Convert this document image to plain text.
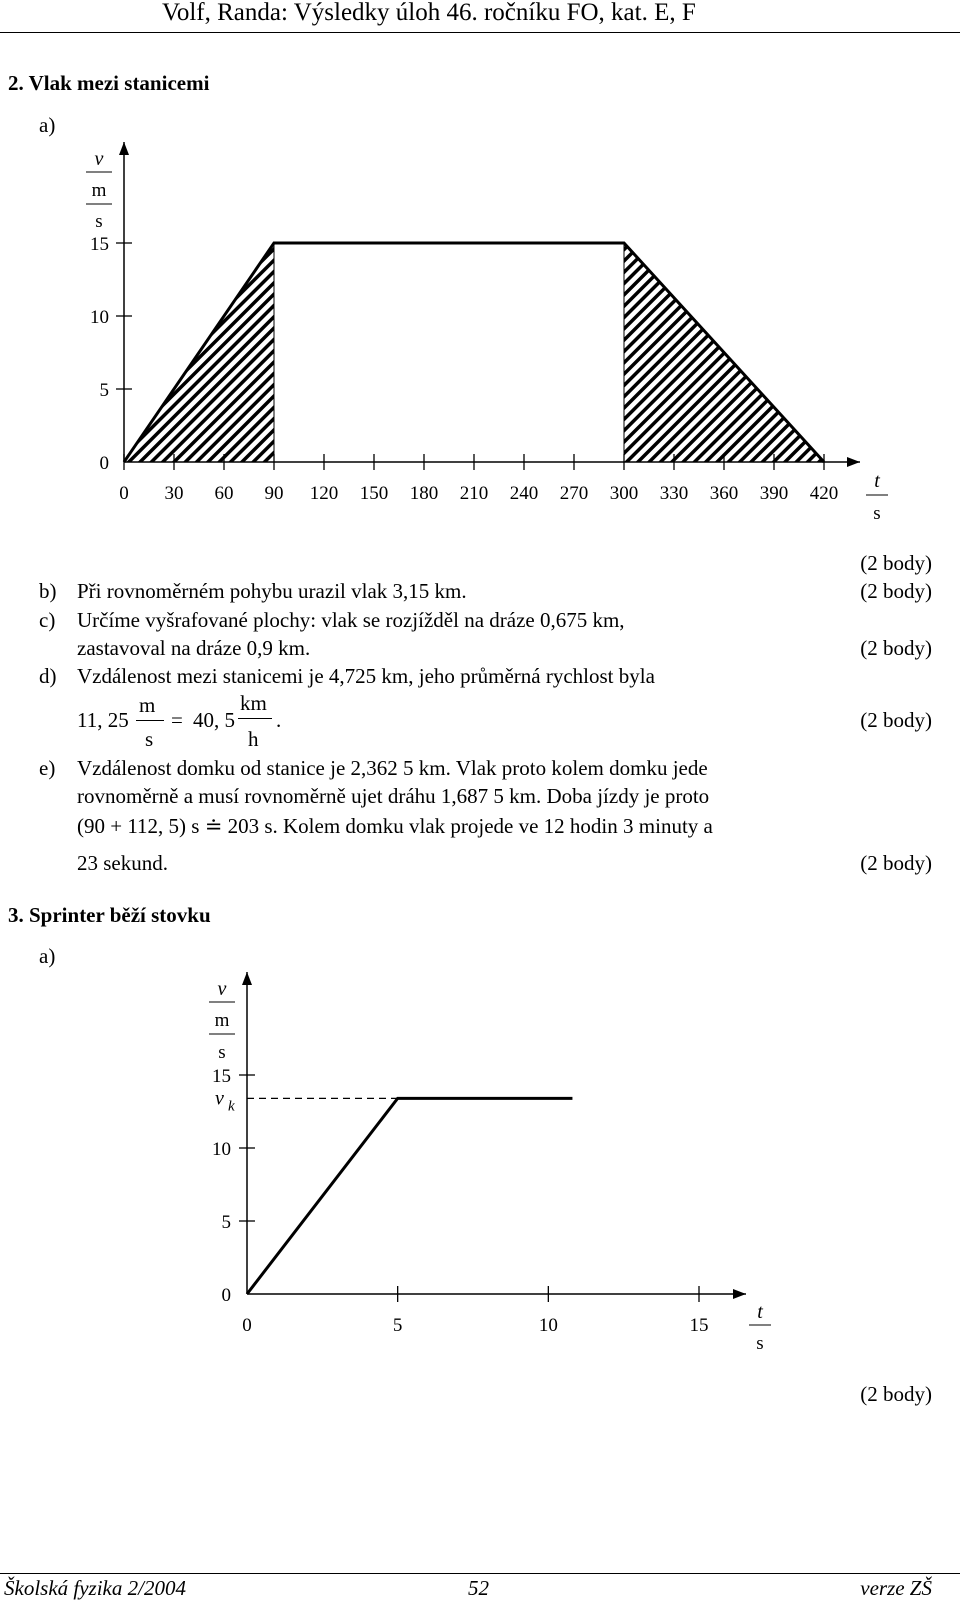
Volf, Randa: Výsledky úloh 46. ročníku FO, kat. E, F
2. Vlak mezi stanicemi
a)
0 30 60 90 120 150 180 210 240 270 300 330 360 390 420
0
5
10
15
v
m
s
t
s
0	5	10	15
0
5
10
15
v k
v
m
s
t
s
(2 body)
b) Při rovnoměrném pohybu urazil vlak 3,15 km.	(2 body)
c) Určíme vyšrafované plochy: vlak se rozjížděl na dráze 0,675 km,
zastavoval na dráze 0,9 km.	(2 body)
d) Vzdálenost mezi stanicemi je 4,725 km, jeho průměrná rychlost byla
11, 25
m
s
= 40, 5
km
h
.	(2 body)
e) Vzdálenost domku od stanice je 2,362 5 km. Vlak proto kolem domku jede
rovnoměrně a musí rovnoměrně ujet dráhu 1,687 5 km. Doba jízdy je proto
(90 + 112, 5) s ≐ 203 s. Kolem domku vlak projede ve 12 hodin 3 minuty a
23 sekund.	(2 body)
3. Sprinter běží stovku
a)
(2 body)
Školská fyzika 2/2004	52	verze ZŠ
